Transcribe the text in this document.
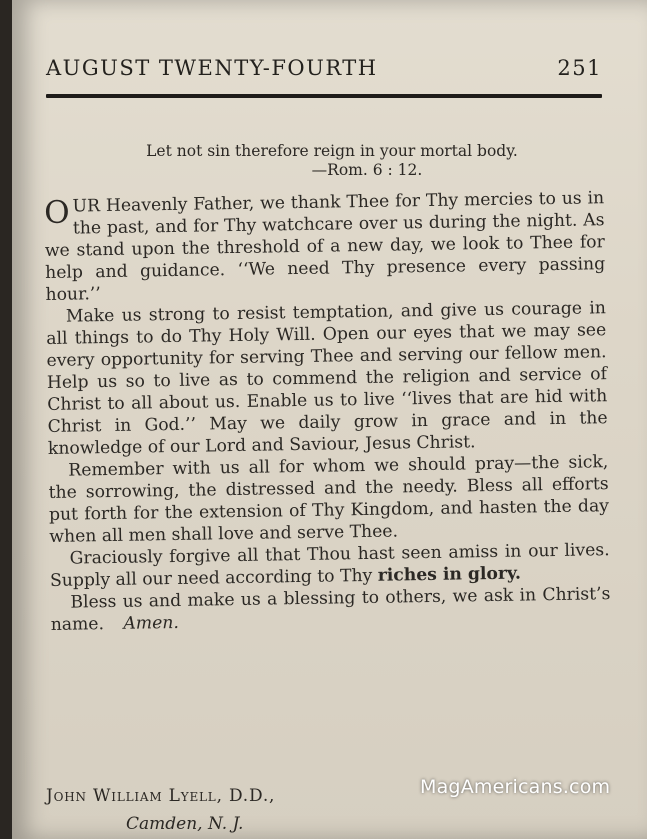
AUGUST TWENTY-FOURTH	251
Let not sin therefore reign in your mortal body.
—Rom. 6 : 12.

OUR Heavenly Father, we thank Thee for Thy mercies to us in the past, and for Thy watchcare over us during the night. As we stand upon the threshold of a new day, we look to Thee for help and guidance. ‘‘We need Thy presence every passing hour.’’

Make us strong to resist temptation, and give us courage in all things to do Thy Holy Will. Open our eyes that we may see every opportunity for serving Thee and serving our fellow men. Help us so to live as to commend the religion and service of Christ to all about us. Enable us to live ‘‘lives that are hid with Christ in God.’’ May we daily grow in grace and in the knowledge of our Lord and Saviour, Jesus Christ.

Remember with us all for whom we should pray—the sick, the sorrowing, the distressed and the needy. Bless all efforts put forth for the extension of Thy Kingdom, and hasten the day when all men shall love and serve Thee.

Graciously forgive all that Thou hast seen amiss in our lives. Supply all our need according to Thy riches in glory.

Bless us and make us a blessing to others, we ask in Christ’s name. Amen.

John William Lyell, D.D.,
Camden, N. J.
MagAmericans.com
